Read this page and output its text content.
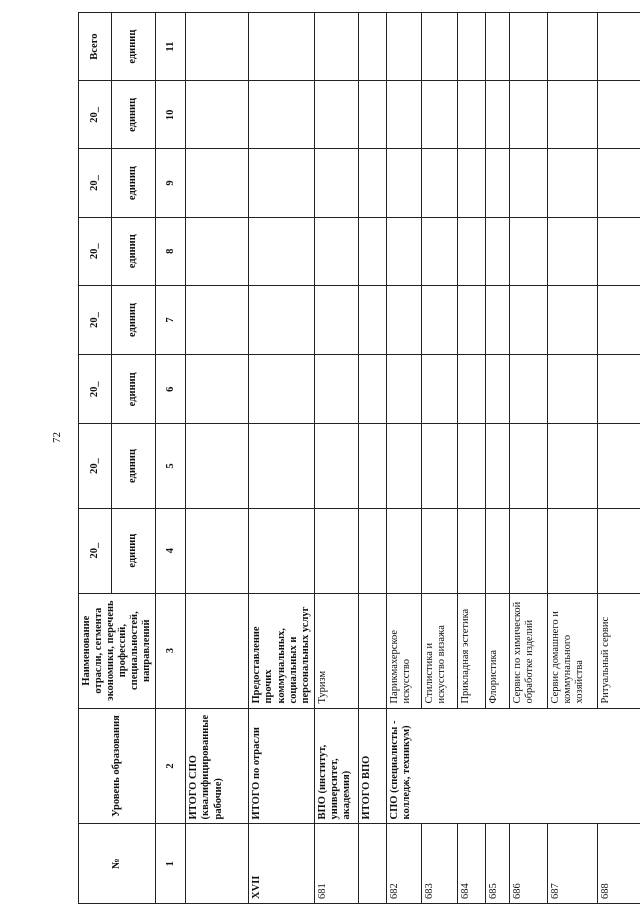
72
№	Уровень образования	Наименование отрасли, сегмента экономики, перечень профессий, специальностей, направлений	20_	20_	20_	20_	20_	20_	20_	Всего
			единиц	единиц	единиц	единиц	единиц	единиц	единиц	единиц
1	2	3	4	5	6	7	8	9	10	11
	ИТОГО СПО (квалифицированные рабочие)									
XVII	ИТОГО по отрасли	Предоставление прочих коммунальных, социальных и персональных услуг								
681	ВПО (институт, университет, академия)	Туризм								
	ИТОГО ВПО									
682	СПО (специалисты - колледж, техникум)	Парикмахерское искусство								
683		Стилистика и искусство визажа								
684		Прикладная эстетика								
685		Флористика								
686		Сервис по химической обработке изделий								
687		Сервис домашнего и коммунального хозяйства								
688		Ритуальный сервис								
